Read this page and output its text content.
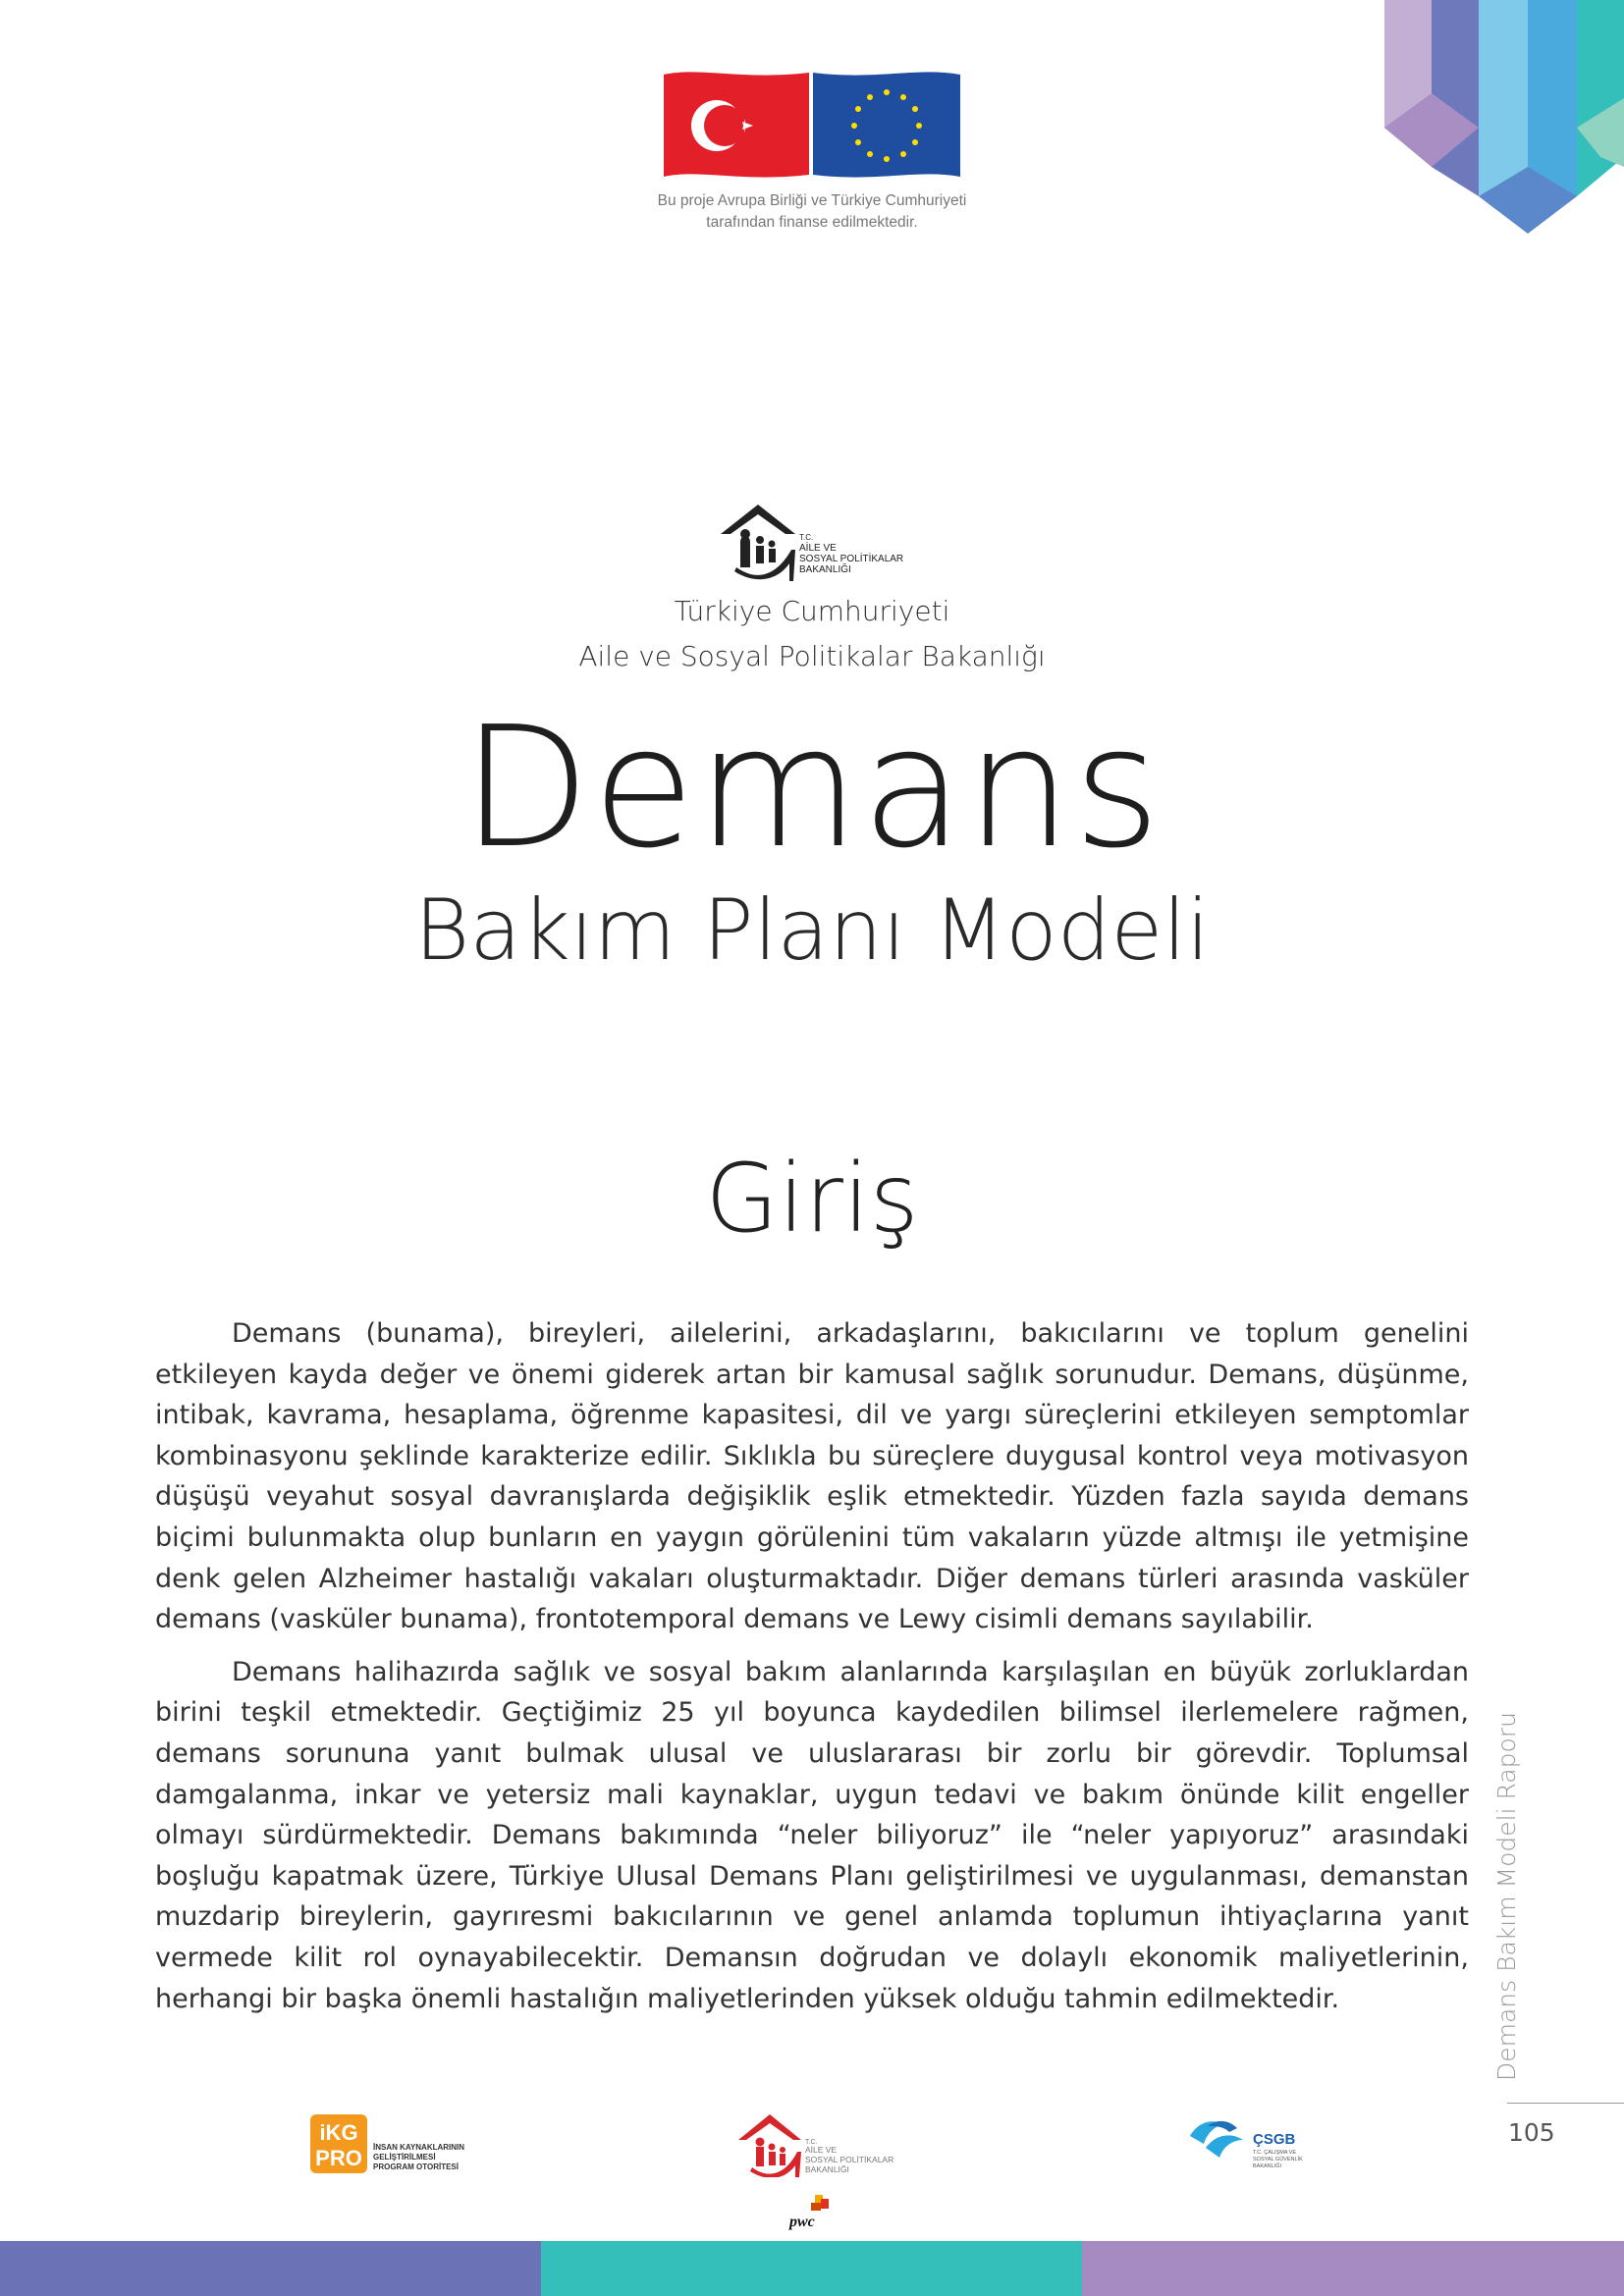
Bu proje Avrupa Birliği ve Türkiye Cumhuriyeti
tarafından finanse edilmektedir.
T.C.
AİLE VE
SOSYAL POLİTİKALAR
BAKANLIĞI
Türkiye Cumhuriyeti
Aile ve Sosyal Politikalar Bakanlığı
Demans
Bakım Planı Modeli
Giriş

Demans (bunama), bireyleri, ailelerini, arkadaşlarını, bakıcılarını ve toplum genelini etkileyen kayda değer ve önemi giderek artan bir kamusal sağlık sorunudur. Demans, düşünme, intibak, kavrama, hesaplama, öğrenme kapasitesi, dil ve yargı süreçlerini etkileyen semptomlar kombinasyonu şeklinde karakterize edilir. Sıklıkla bu süreçlere duygusal kontrol veya motivasyon düşüşü veyahut sosyal davranışlarda değişiklik eşlik etmektedir. Yüzden fazla sayıda demans biçimi bulunmakta olup bunların en yaygın görülenini tüm vakaların yüzde altmışı ile yetmişine denk gelen Alzheimer hastalığı vakaları oluşturmaktadır. Diğer demans türleri arasında vasküler demans (vasküler bunama), frontotemporal demans ve Lewy cisimli demans sayılabilir.

Demans halihazırda sağlık ve sosyal bakım alanlarında karşılaşılan en büyük zorluklardan birini teşkil etmektedir. Geçtiğimiz 25 yıl boyunca kaydedilen bilimsel ilerlemelere rağmen, demans sorununa yanıt bulmak ulusal ve uluslararası bir zorlu bir görevdir. Toplumsal damgalanma, inkar ve yetersiz mali kaynaklar, uygun tedavi ve bakım önünde kilit engeller olmayı sürdürmektedir. Demans bakımında “neler biliyoruz” ile “neler yapıyoruz” arasındaki boşluğu kapatmak üzere, Türkiye Ulusal Demans Planı geliştirilmesi ve uygulanması, demanstan muzdarip bireylerin, gayrıresmi bakıcılarının ve genel anlamda toplumun ihtiyaçlarına yanıt vermede kilit rol oynayabilecektir. Demansın doğrudan ve dolaylı ekonomik maliyetlerinin, herhangi bir başka önemli hastalığın maliyetlerinden yüksek olduğu tahmin edilmektedir.	Demans Bakım Modeli Raporu
105
iKG
PRO İNSAN KAYNAKLARININ
GELİŞTİRİLMESİ
PROGRAM OTORİTESİ
T.C.
AİLE VE
SOSYAL POLİTİKALAR
BAKANLIĞI
pwc
ÇSGB
T.C. ÇALIŞMA VE
SOSYAL GÜVENLİK
BAKANLIĞI
